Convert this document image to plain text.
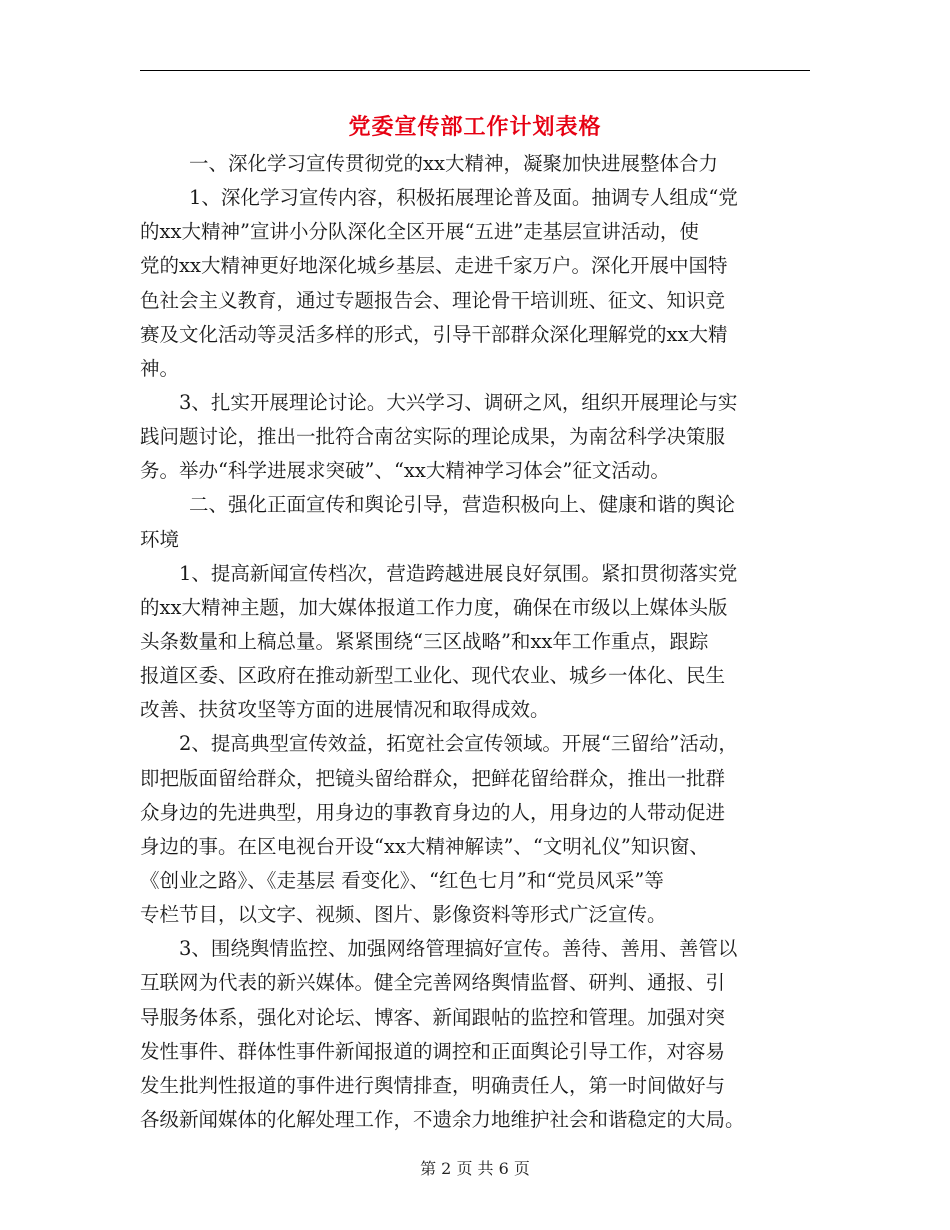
党委宣传部工作计划表格
一、深化学习宣传贯彻党的xx大精神，凝聚加快进展整体合力
1、深化学习宣传内容，积极拓展理论普及面。抽调专人组成“党
的xx大精神”宣讲小分队深化全区开展“五进”走基层宣讲活动，使
党的xx大精神更好地深化城乡基层、走进千家万户。深化开展中国特
色社会主义教育，通过专题报告会、理论骨干培训班、征文、知识竞
赛及文化活动等灵活多样的形式，引导干部群众深化理解党的xx大精
神。
3、扎实开展理论讨论。大兴学习、调研之风，组织开展理论与实
践问题讨论，推出一批符合南岔实际的理论成果，为南岔科学决策服
务。举办“科学进展求突破”、“xx大精神学习体会”征文活动。
二、强化正面宣传和舆论引导，营造积极向上、健康和谐的舆论
环境
1、提高新闻宣传档次，营造跨越进展良好氛围。紧扣贯彻落实党
的xx大精神主题，加大媒体报道工作力度，确保在市级以上媒体头版
头条数量和上稿总量。紧紧围绕“三区战略”和xx年工作重点，跟踪
报道区委、区政府在推动新型工业化、现代农业、城乡一体化、民生
改善、扶贫攻坚等方面的进展情况和取得成效。
2、提高典型宣传效益，拓宽社会宣传领域。开展“三留给”活动，
即把版面留给群众，把镜头留给群众，把鲜花留给群众，推出一批群
众身边的先进典型，用身边的事教育身边的人，用身边的人带动促进
身边的事。在区电视台开设“xx大精神解读”、“文明礼仪”知识窗、
《创业之路》、《走基层 看变化》、“红色七月”和“党员风采”等
专栏节目，以文字、视频、图片、影像资料等形式广泛宣传。
3、围绕舆情监控、加强网络管理搞好宣传。善待、善用、善管以
互联网为代表的新兴媒体。健全完善网络舆情监督、研判、通报、引
导服务体系，强化对论坛、博客、新闻跟帖的监控和管理。加强对突
发性事件、群体性事件新闻报道的调控和正面舆论引导工作，对容易
发生批判性报道的事件进行舆情排查，明确责任人，第一时间做好与
各级新闻媒体的化解处理工作，不遗余力地维护社会和谐稳定的大局。
第 2 页 共 6 页
